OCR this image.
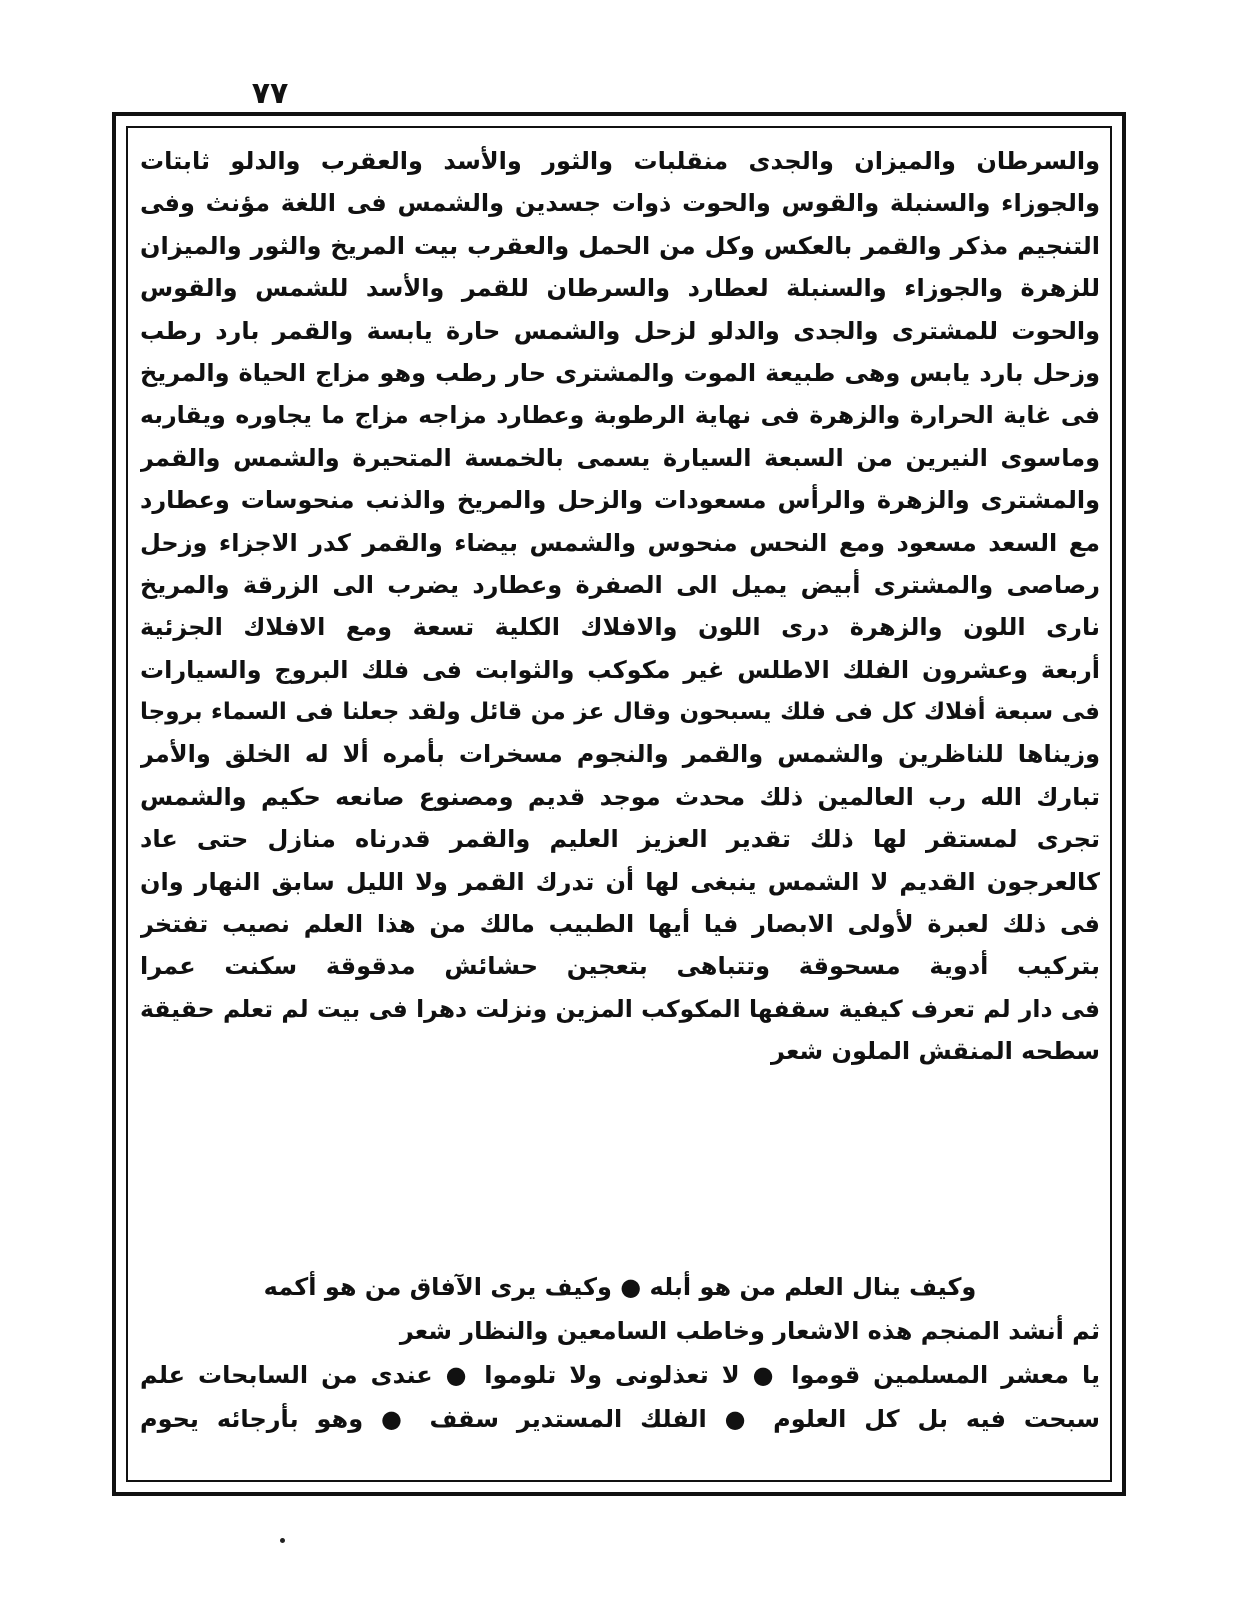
٧٧
والسرطان والميزان والجدى منقلبات والثور والأسد والعقرب والدلو ثابتات
والجوزاء والسنبلة والقوس والحوت ذوات جسدين والشمس فى اللغة مؤنث وفى
التنجيم مذكر والقمر بالعكس وكل من الحمل والعقرب بيت المريخ والثور والميزان
للزهرة والجوزاء والسنبلة لعطارد والسرطان للقمر والأسد للشمس والقوس
والحوت للمشترى والجدى والدلو لزحل والشمس حارة يابسة والقمر بارد رطب
وزحل بارد يابس وهى طبيعة الموت والمشترى حار رطب وهو مزاج الحياة والمريخ
فى غاية الحرارة والزهرة فى نهاية الرطوبة وعطارد مزاجه مزاج ما يجاوره ويقاربه
وماسوى النيرين من السبعة السيارة يسمى بالخمسة المتحيرة والشمس والقمر
والمشترى والزهرة والرأس مسعودات والزحل والمريخ والذنب منحوسات وعطارد
مع السعد مسعود ومع النحس منحوس والشمس بيضاء والقمر كدر الاجزاء وزحل
رصاصى والمشترى أبيض يميل الى الصفرة وعطارد يضرب الى الزرقة والمريخ
نارى اللون والزهرة درى اللون والافلاك الكلية تسعة ومع الافلاك الجزئية
أربعة وعشرون الفلك الاطلس غير مكوكب والثوابت فى فلك البروج والسيارات
فى سبعة أفلاك كل فى فلك يسبحون وقال عز من قائل ولقد جعلنا فى السماء بروجا
وزيناها للناظرين والشمس والقمر والنجوم مسخرات بأمره ألا له الخلق والأمر
تبارك الله رب العالمين ذلك محدث موجد قديم ومصنوع صانعه حكيم والشمس
تجرى لمستقر لها ذلك تقدير العزيز العليم والقمر قدرناه منازل حتى عاد
كالعرجون القديم لا الشمس ينبغى لها أن تدرك القمر ولا الليل سابق النهار وان
فى ذلك لعبرة لأولى الابصار فيا أيها الطبيب مالك من هذا العلم نصيب تفتخر
بتركيب أدوية مسحوقة وتتباهى بتعجين حشائش مدقوقة سكنت عمرا
فى دار لم تعرف كيفية سقفها المكوكب المزين ونزلت دهرا فى بيت لم تعلم حقيقة
سطحه المنقش الملون شعر
وكيف ينال العلم من هو أبله ● وكيف يرى الآفاق من هو أكمه
ثم أنشد المنجم هذه الاشعار وخاطب السامعين والنظار شعر
يا معشر المسلمين قوموا ● لا تعذلونى ولا تلوموا ● عندى من السابحات علم
سبحت فيه بل كل العلوم ● الفلك المستدير سقف ● وهو بأرجائه يحوم
